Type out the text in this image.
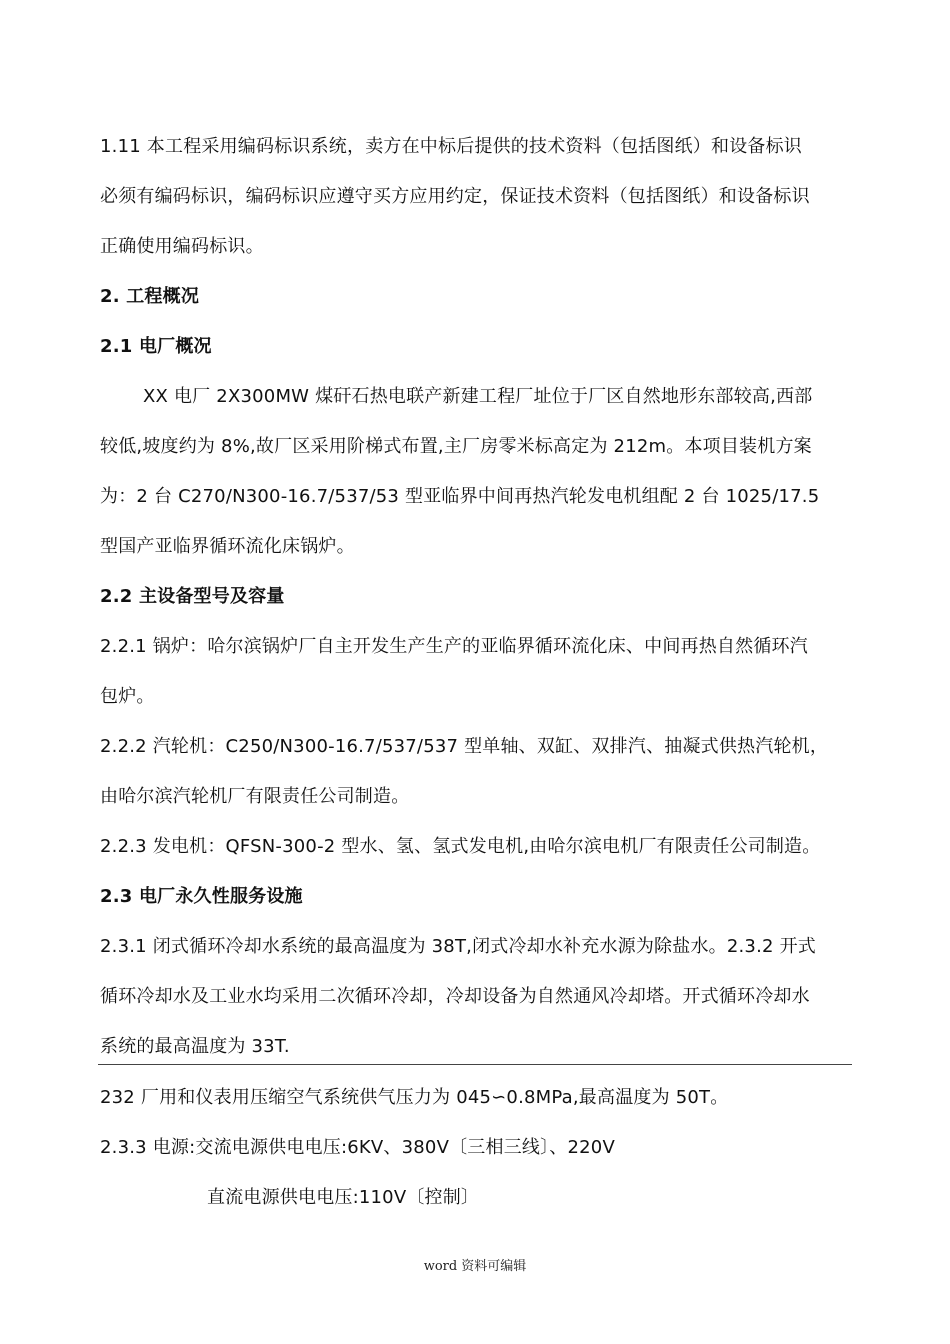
1.11 本工程采用编码标识系统，卖方在中标后提供的技术资料（包括图纸）和设备标识
必须有编码标识，编码标识应遵守买方应用约定，保证技术资料（包括图纸）和设备标识
正确使用编码标识。
2. 工程概况
2.1 电厂概况
XX 电厂 2X300MW 煤矸石热电联产新建工程厂址位于厂区自然地形东部较高,西部
较低,坡度约为 8%,故厂区采用阶梯式布置,主厂房零米标高定为 212m。本项目装机方案
为：2 台 C270/N300-16.7/537/53 型亚临界中间再热汽轮发电机组配 2 台 1025/17.5
型国产亚临界循环流化床锅炉。
2.2 主设备型号及容量
2.2.1 锅炉：哈尔滨锅炉厂自主开发生产生产的亚临界循环流化床、中间再热自然循环汽
包炉。
2.2.2 汽轮机：C250/N300-16.7/537/537 型单轴、双缸、双排汽、抽凝式供热汽轮机，
由哈尔滨汽轮机厂有限责任公司制造。
2.2.3 发电机：QFSN-300-2 型水、氢、氢式发电机,由哈尔滨电机厂有限责任公司制造。
2.3 电厂永久性服务设施
2.3.1 闭式循环冷却水系统的最高温度为 38T,闭式冷却水补充水源为除盐水。2.3.2 开式
循环冷却水及工业水均采用二次循环冷却，冷却设备为自然通风冷却塔。开式循环冷却水
系统的最高温度为 33T.
232 厂用和仪表用压缩空气系统供气压力为 045∽0.8MPa,最高温度为 50T。
2.3.3 电源:交流电源供电电压:6KV、380V〔三相三线〕、220V
直流电源供电电压:110V〔控制〕
word 资料可编辑
